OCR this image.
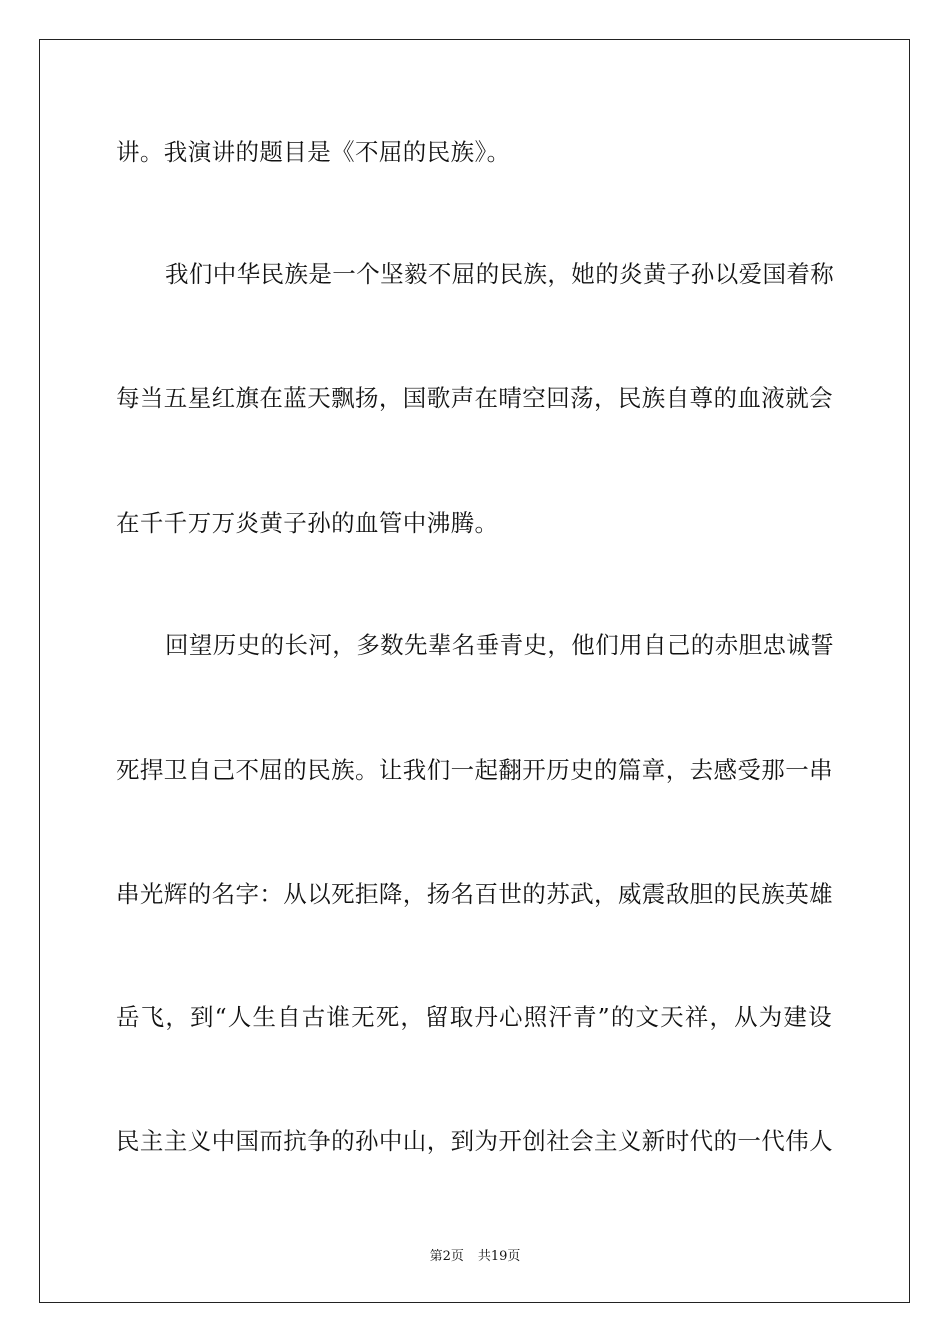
讲。我演讲的题目是《不屈的民族》。

我们中华民族是一个坚毅不屈的民族，她的炎黄子孙以爱国着称

每当五星红旗在蓝天飘扬，国歌声在晴空回荡，民族自尊的血液就会

在千千万万炎黄子孙的血管中沸腾。

回望历史的长河，多数先辈名垂青史，他们用自己的赤胆忠诚誓

死捍卫自己不屈的民族。让我们一起翻开历史的篇章，去感受那一串

串光辉的名字：从以死拒降，扬名百世的苏武，威震敌胆的民族英雄

岳飞，到“人生自古谁无死，留取丹心照汗青”的文天祥，从为建设

民主主义中国而抗争的孙中山，到为开创社会主义新时代的一代伟人

第2页 共19页
